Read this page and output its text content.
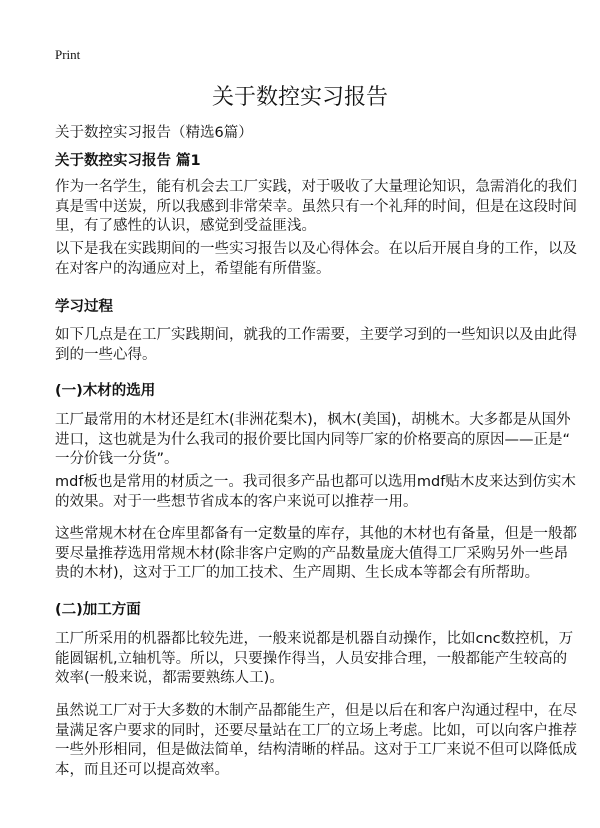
Print
关于数控实习报告
关于数控实习报告（精选6篇）
关于数控实习报告 篇1
作为一名学生，能有机会去工厂实践，对于吸收了大量理论知识，急需消化的我们
真是雪中送炭，所以我感到非常荣幸。虽然只有一个礼拜的时间，但是在这段时间
里，有了感性的认识，感觉到受益匪浅。
以下是我在实践期间的一些实习报告以及心得体会。在以后开展自身的工作，以及
在对客户的沟通应对上，希望能有所借鉴。
学习过程
如下几点是在工厂实践期间，就我的工作需要，主要学习到的一些知识以及由此得
到的一些心得。
(一)木材的选用
工厂最常用的木材还是红木(非洲花梨木)，枫木(美国)，胡桃木。大多都是从国外
进口，这也就是为什么我司的报价要比国内同等厂家的价格要高的原因——正是“
一分价钱一分货”。
mdf板也是常用的材质之一。我司很多产品也都可以选用mdf贴木皮来达到仿实木
的效果。对于一些想节省成本的客户来说可以推荐一用。
这些常规木材在仓库里都备有一定数量的库存，其他的木材也有备量，但是一般都
要尽量推荐选用常规木材(除非客户定购的产品数量庞大值得工厂采购另外一些昂
贵的木材)，这对于工厂的加工技术、生产周期、生长成本等都会有所帮助。
(二)加工方面
工厂所采用的机器都比较先进，一般来说都是机器自动操作，比如cnc数控机，万
能圆锯机,立轴机等。所以，只要操作得当，人员安排合理，一般都能产生较高的
效率(一般来说，都需要熟练人工)。
虽然说工厂对于大多数的木制产品都能生产，但是以后在和客户沟通过程中，在尽
量满足客户要求的同时，还要尽量站在工厂的立场上考虑。比如，可以向客户推荐
一些外形相同，但是做法简单，结构清晰的样品。这对于工厂来说不但可以降低成
本，而且还可以提高效率。
